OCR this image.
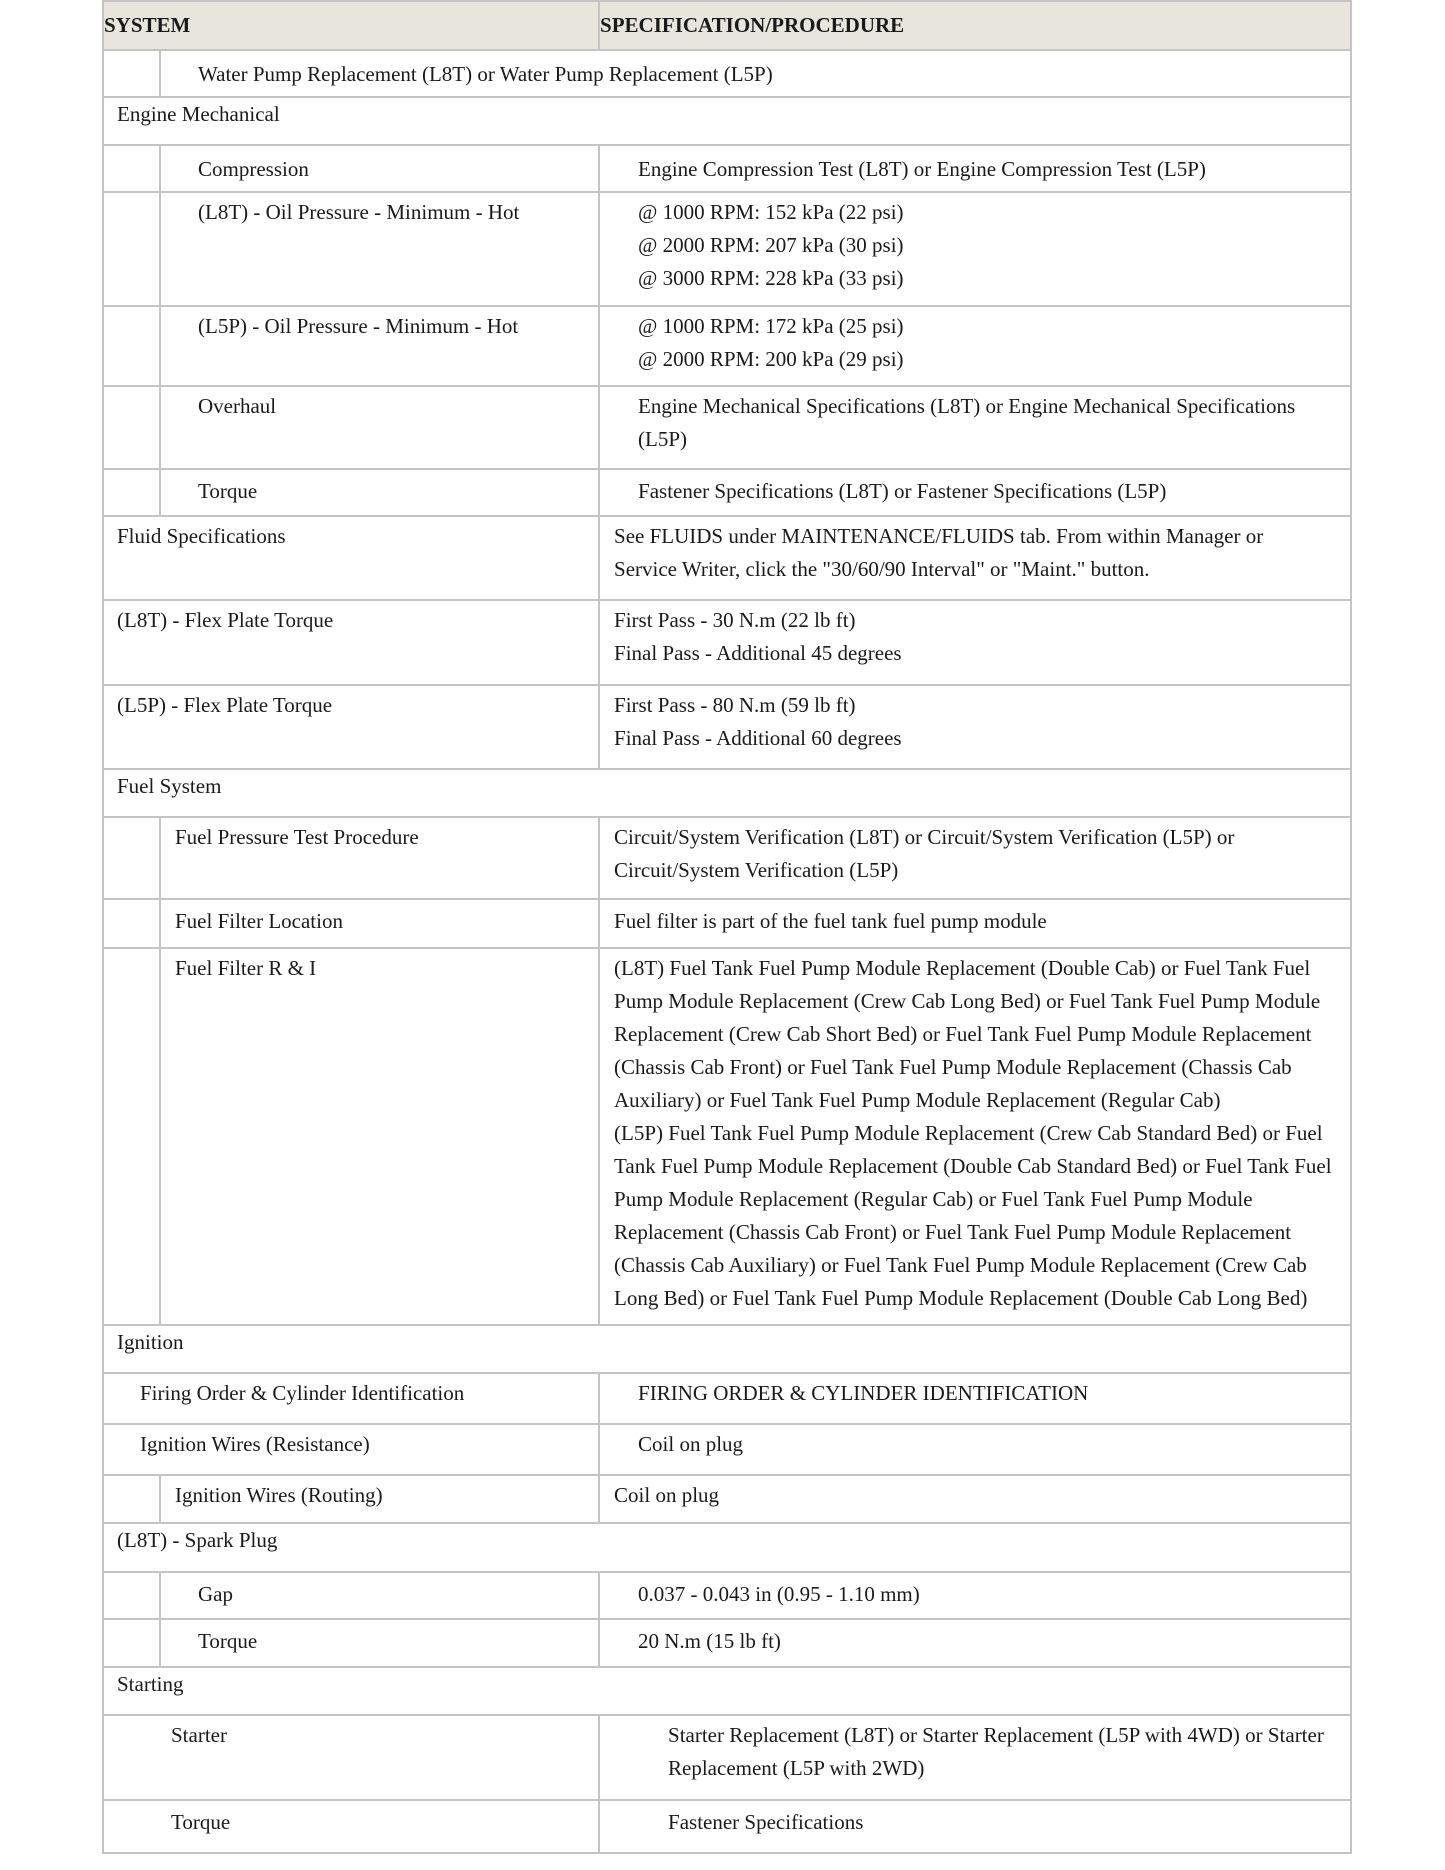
SYSTEM		SPECIFICATION/PROCEDURE
	Water Pump Replacement (L8T) or Water Pump Replacement (L5P)	
Engine Mechanical		
	Compression	Engine Compression Test (L8T) or Engine Compression Test (L5P)
	(L8T) - Oil Pressure - Minimum - Hot	@ 1000 RPM: 152 kPa (22 psi)
@ 2000 RPM: 207 kPa (30 psi)
@ 3000 RPM: 228 kPa (33 psi)

	(L5P) - Oil Pressure - Minimum - Hot	@ 1000 RPM: 172 kPa (25 psi)
@ 2000 RPM: 200 kPa (29 psi)

	Overhaul	Engine Mechanical Specifications (L8T) or Engine Mechanical Specifications (L5P)
	Torque	Fastener Specifications (L8T) or Fastener Specifications (L5P)
Fluid Specifications		See FLUIDS under MAINTENANCE/FLUIDS tab. From within Manager or Service Writer, click the "30/60/90 Interval" or "Maint." button.
(L8T) - Flex Plate Torque		First Pass - 30 N.m (22 lb ft)
Final Pass - Additional 45 degrees

(L5P) - Flex Plate Torque		First Pass - 80 N.m (59 lb ft)
Final Pass - Additional 60 degrees

Fuel System		
	Fuel Pressure Test Procedure	Circuit/System Verification (L8T) or Circuit/System Verification (L5P) or Circuit/System Verification (L5P)
	Fuel Filter Location	Fuel filter is part of the fuel tank fuel pump module
	Fuel Filter R & I	(L8T) Fuel Tank Fuel Pump Module Replacement (Double Cab) or Fuel Tank Fuel Pump Module Replacement (Crew Cab Long Bed) or Fuel Tank Fuel Pump Module Replacement (Crew Cab Short Bed) or Fuel Tank Fuel Pump Module Replacement (Chassis Cab Front) or Fuel Tank Fuel Pump Module Replacement (Chassis Cab Auxiliary) or Fuel Tank Fuel Pump Module Replacement (Regular Cab)
(L5P) Fuel Tank Fuel Pump Module Replacement (Crew Cab Standard Bed) or Fuel Tank Fuel Pump Module Replacement (Double Cab Standard Bed) or Fuel Tank Fuel Pump Module Replacement (Regular Cab) or Fuel Tank Fuel Pump Module Replacement (Chassis Cab Front) or Fuel Tank Fuel Pump Module Replacement (Chassis Cab Auxiliary) or Fuel Tank Fuel Pump Module Replacement (Crew Cab Long Bed) or Fuel Tank Fuel Pump Module Replacement (Double Cab Long Bed)

Ignition		
Firing Order & Cylinder Identification		FIRING ORDER & CYLINDER IDENTIFICATION
Ignition Wires (Resistance)		Coil on plug
	Ignition Wires (Routing)	Coil on plug
(L8T) - Spark Plug		
	Gap	0.037 - 0.043 in (0.95 - 1.10 mm)
	Torque	20 N.m (15 lb ft)
Starting		
Starter		Starter Replacement (L8T) or Starter Replacement (L5P with 4WD) or Starter Replacement (L5P with 2WD)
Torque		Fastener Specifications
